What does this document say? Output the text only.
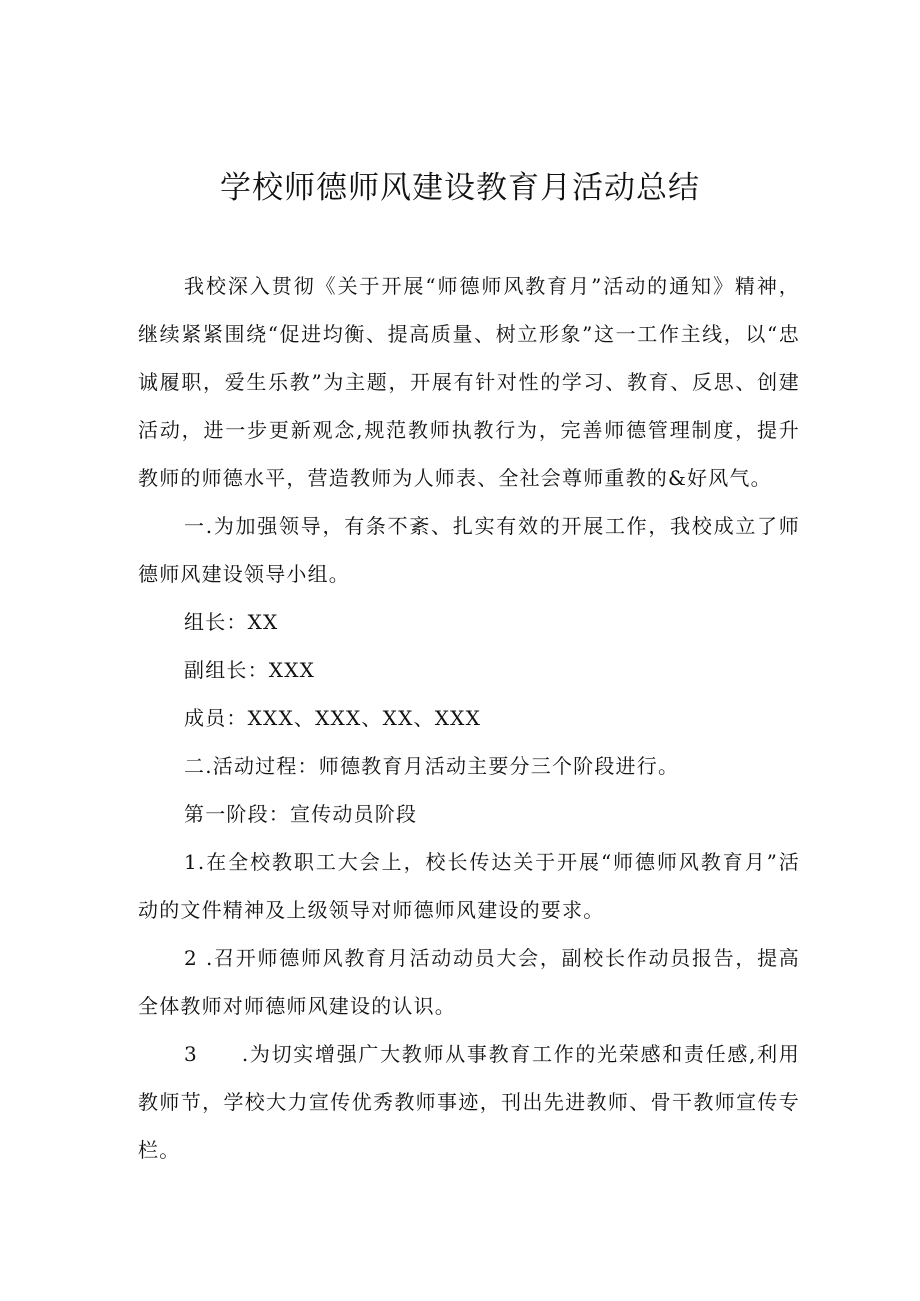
学校师德师风建设教育月活动总结

我校深入贯彻《关于开展“师德师风教育月”活动的通知》精神，继续紧紧围绕“促进均衡、提高质量、树立形象”这一工作主线，以“忠诚履职，爱生乐教”为主题，开展有针对性的学习、教育、反思、创建活动，进一步更新观念,规范教师执教行为，完善师德管理制度，提升教师的师德水平，营造教师为人师表、全社会尊师重教的&好风气。

一.为加强领导，有条不紊、扎实有效的开展工作，我校成立了师德师风建设领导小组。

组长：XX

副组长：XXX

成员：XXX、XXX、XX、XXX

二.活动过程：师德教育月活动主要分三个阶段进行。

第一阶段：宣传动员阶段

1.在全校教职工大会上，校长传达关于开展“师德师风教育月”活动的文件精神及上级领导对师德师风建设的要求。

2 .召开师德师风教育月活动动员大会，副校长作动员报告，提高全体教师对师德师风建设的认识。

3　　.为切实增强广大教师从事教育工作的光荣感和责任感,利用教师节，学校大力宣传优秀教师事迹，刊出先进教师、骨干教师宣传专栏。
